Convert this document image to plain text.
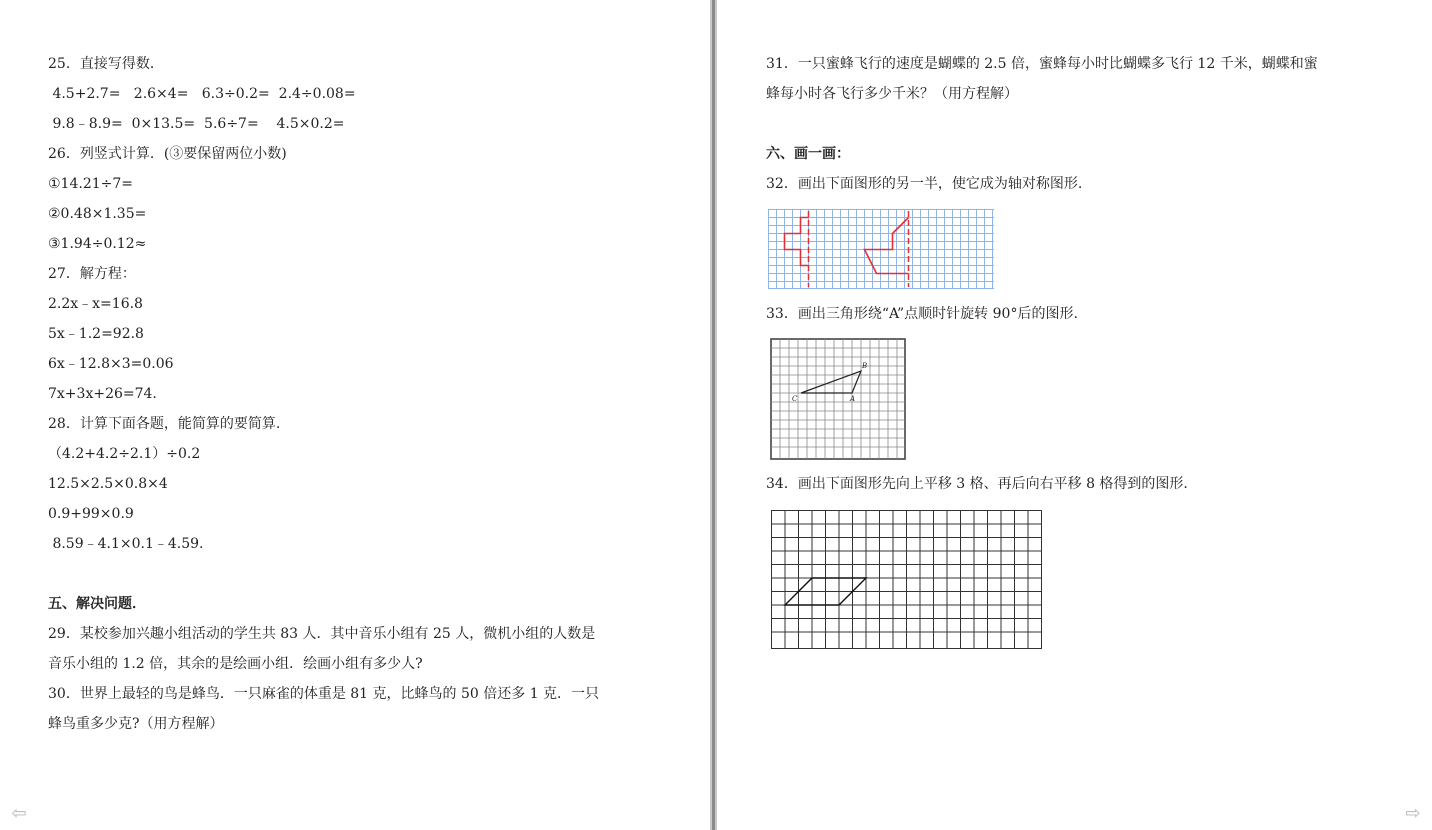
25．直接写得数．
4.5+2.7=   2.6×4=   6.3÷0.2=  2.4÷0.08=
9.8﹣8.9=  0×13.5=  5.6÷7=    4.5×0.2=
26．列竖式计算．(③要保留两位小数)
①14.21÷7=
②0.48×1.35=
③1.94÷0.12≈
27．解方程：
2.2x﹣x=16.8
5x﹣1.2=92.8
6x﹣12.8×3=0.06
7x+3x+26=74.
28．计算下面各题，能简算的要简算.
（4.2+4.2÷2.1）÷0.2
12.5×2.5×0.8×4
0.9+99×0.9
8.59﹣4.1×0.1﹣4.59.
五、解决问题．
29．某校参加兴趣小组活动的学生共 83 人．其中音乐小组有 25 人，微机小组的人数是
音乐小组的 1.2 倍，其余的是绘画小组．绘画小组有多少人?
30．世界上最轻的鸟是蜂鸟．一只麻雀的体重是 81 克，比蜂鸟的 50 倍还多 1 克．一只
蜂鸟重多少克?（用方程解）
31．一只蜜蜂飞行的速度是蝴蝶的 2.5 倍，蜜蜂每小时比蝴蝶多飞行 12 千米，蝴蝶和蜜
蜂每小时各飞行多少千米？（用方程解）
六、画一画：
32．画出下面图形的另一半，使它成为轴对称图形.
33．画出三角形绕“A”点顺时针旋转 90°后的图形.
B
C	A
34．画出下面图形先向上平移 3 格、再后向右平移 8 格得到的图形.
⇦	⇨
